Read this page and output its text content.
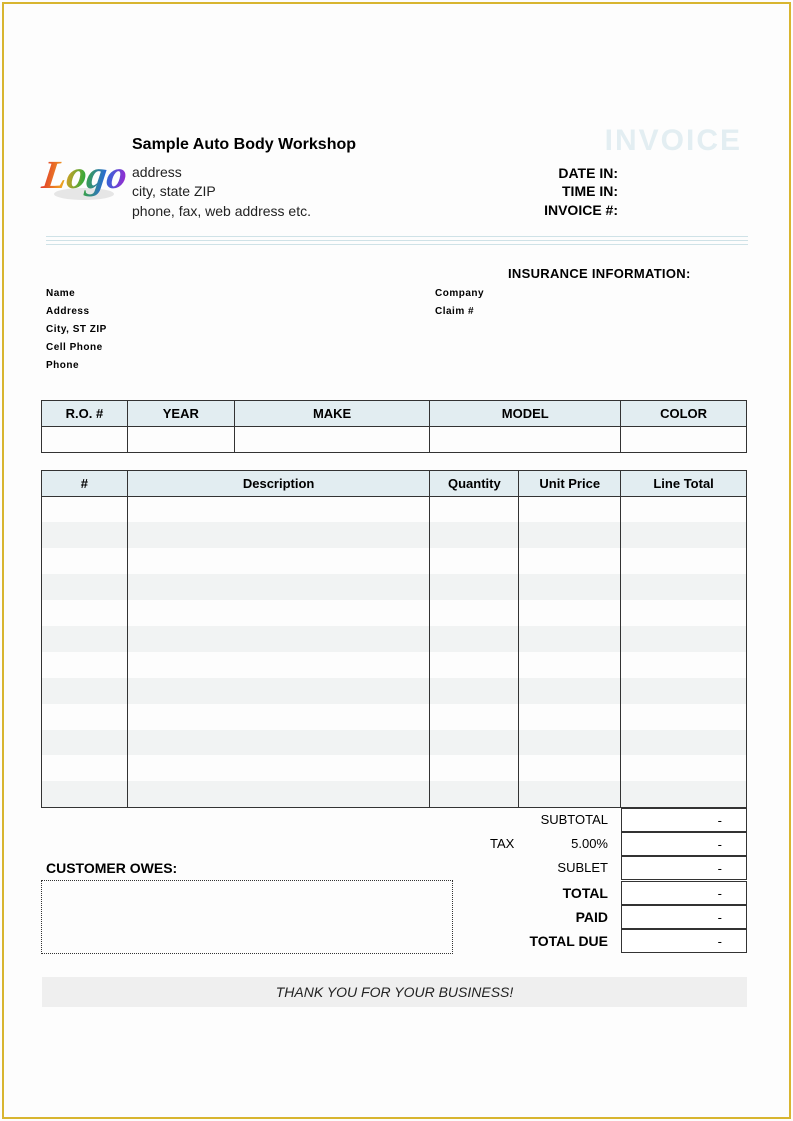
Logo
Sample Auto Body Workshop
address
city, state ZIP
phone, fax, web address etc.
INVOICE
DATE IN:
TIME IN:
INVOICE #:
INSURANCE INFORMATION:
Name
Address
City, ST ZIP
Cell Phone
Phone
Company
Claim #
R.O. #	YEAR	MAKE	MODEL	COLOR

#	Description	Quantity	Unit Price	Line Total

SUBTOTAL	-
TAX	5.00%	-
SUBLET	-
TOTAL	-
PAID	-
TOTAL DUE	-
CUSTOMER OWES:
THANK YOU FOR YOUR BUSINESS!
